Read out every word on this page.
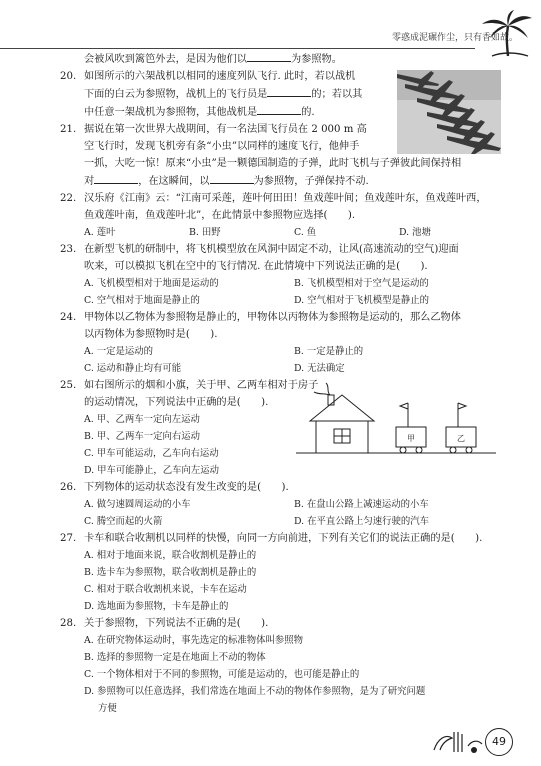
零惑成泥碾作尘，只有香如故。
会被风吹到篱笆外去，是因为他们以	为参照物。
20. 如图所示的六架战机以相同的速度列队飞行. 此时，若以战机
下面的白云为参照物，战机上的飞行员是	的；若以其
中任意一架战机为参照物，其他战机是	的.
21. 据说在第一次世界大战期间，有一名法国飞行员在 2 000 m 高
空飞行时，发现飞机旁有条“小虫”以同样的速度飞行，他伸手
一抓，大吃一惊！原来“小虫”是一颗德国制造的子弹，此时飞机与子弹彼此间保持相
对	，在这瞬间，以	为参照物，子弹保持不动.
22. 汉乐府《江南》云：“江南可采莲，莲叶何田田！鱼戏莲叶间；鱼戏莲叶东，鱼戏莲叶西，
鱼戏莲叶南，鱼戏莲叶北”，在此情景中参照物应选择(　　).
A. 莲叶	B. 田野	C. 鱼	D. 池塘
23. 在新型飞机的研制中，将飞机模型放在风洞中固定不动，让风(高速流动的空气)迎面
吹来，可以模拟飞机在空中的飞行情况. 在此情境中下列说法正确的是(　　).
A. 飞机模型相对于地面是运动的	B. 飞机模型相对于空气是运动的
C. 空气相对于地面是静止的	D. 空气相对于飞机模型是静止的
24. 甲物体以乙物体为参照物是静止的，甲物体以丙物体为参照物是运动的，那么乙物体
以丙物体为参照物时是(　　).
A. 一定是运动的	B. 一定是静止的
C. 运动和静止均有可能	D. 无法确定
25. 如右图所示的烟和小旗，关于甲、乙两车相对于房子
的运动情况，下列说法中正确的是(　　).
A. 甲、乙两车一定向左运动
B. 甲、乙两车一定向右运动
C. 甲车可能运动，乙车向右运动
D. 甲车可能静止，乙车向左运动
甲	乙
26. 下列物体的运动状态没有发生改变的是(　　).
A. 做匀速圆周运动的小车	B. 在盘山公路上减速运动的小车
C. 腾空而起的火箭	D. 在平直公路上匀速行驶的汽车
27. 卡车和联合收割机以同样的快慢，向同一方向前进，下列有关它们的说法正确的是(　　).
A. 相对于地面来说，联合收割机是静止的
B. 选卡车为参照物，联合收割机是静止的
C. 相对于联合收割机来说，卡车在运动
D. 选地面为参照物，卡车是静止的
28. 关于参照物，下列说法不正确的是(　　).
A. 在研究物体运动时，事先选定的标准物体叫参照物
B. 选择的参照物一定是在地面上不动的物体
C. 一个物体相对于不同的参照物，可能是运动的，也可能是静止的
D. 参照物可以任意选择，我们常选在地面上不动的物体作参照物，是为了研究问题
方便
49
